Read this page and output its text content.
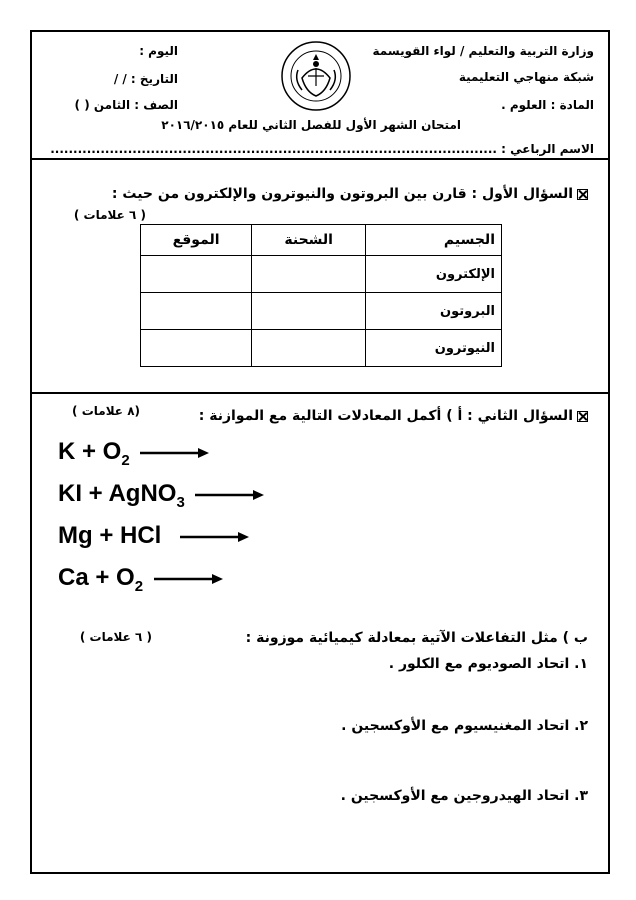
وزارة التربية والتعليم / لواء القويسمة
شبكة منهاجي التعليمية
المادة : العلوم .
امتحان الشهر الأول للفصل الثاني للعام ٢٠١٦/٢٠١٥
الاسم الرباعي : ..................................................................................................
اليوم :
التاريخ : / /
الصف : الثامن ( )
السؤال الأول : قارن بين البروتون والنيوترون والإلكترون من حيث :
( ٦ علامات )
الجسيم	الشحنة	الموقع
الإلكترون		
البروتون		
النيوترون		
السؤال الثاني : أ ) أكمل المعادلات التالية مع الموازنة :
(٨ علامات )
$K + O_2$
KI + AgNO$_3$
Mg + HCl
$Ca + O_2$
ب ) مثل التفاعلات الآتية بمعادلة كيميائية موزونة :
( ٦ علامات )
١. اتحاد الصوديوم مع الكلور .
٢. اتحاد المغنيسيوم مع الأوكسجين .
٣. اتحاد الهيدروجين مع الأوكسجين .
